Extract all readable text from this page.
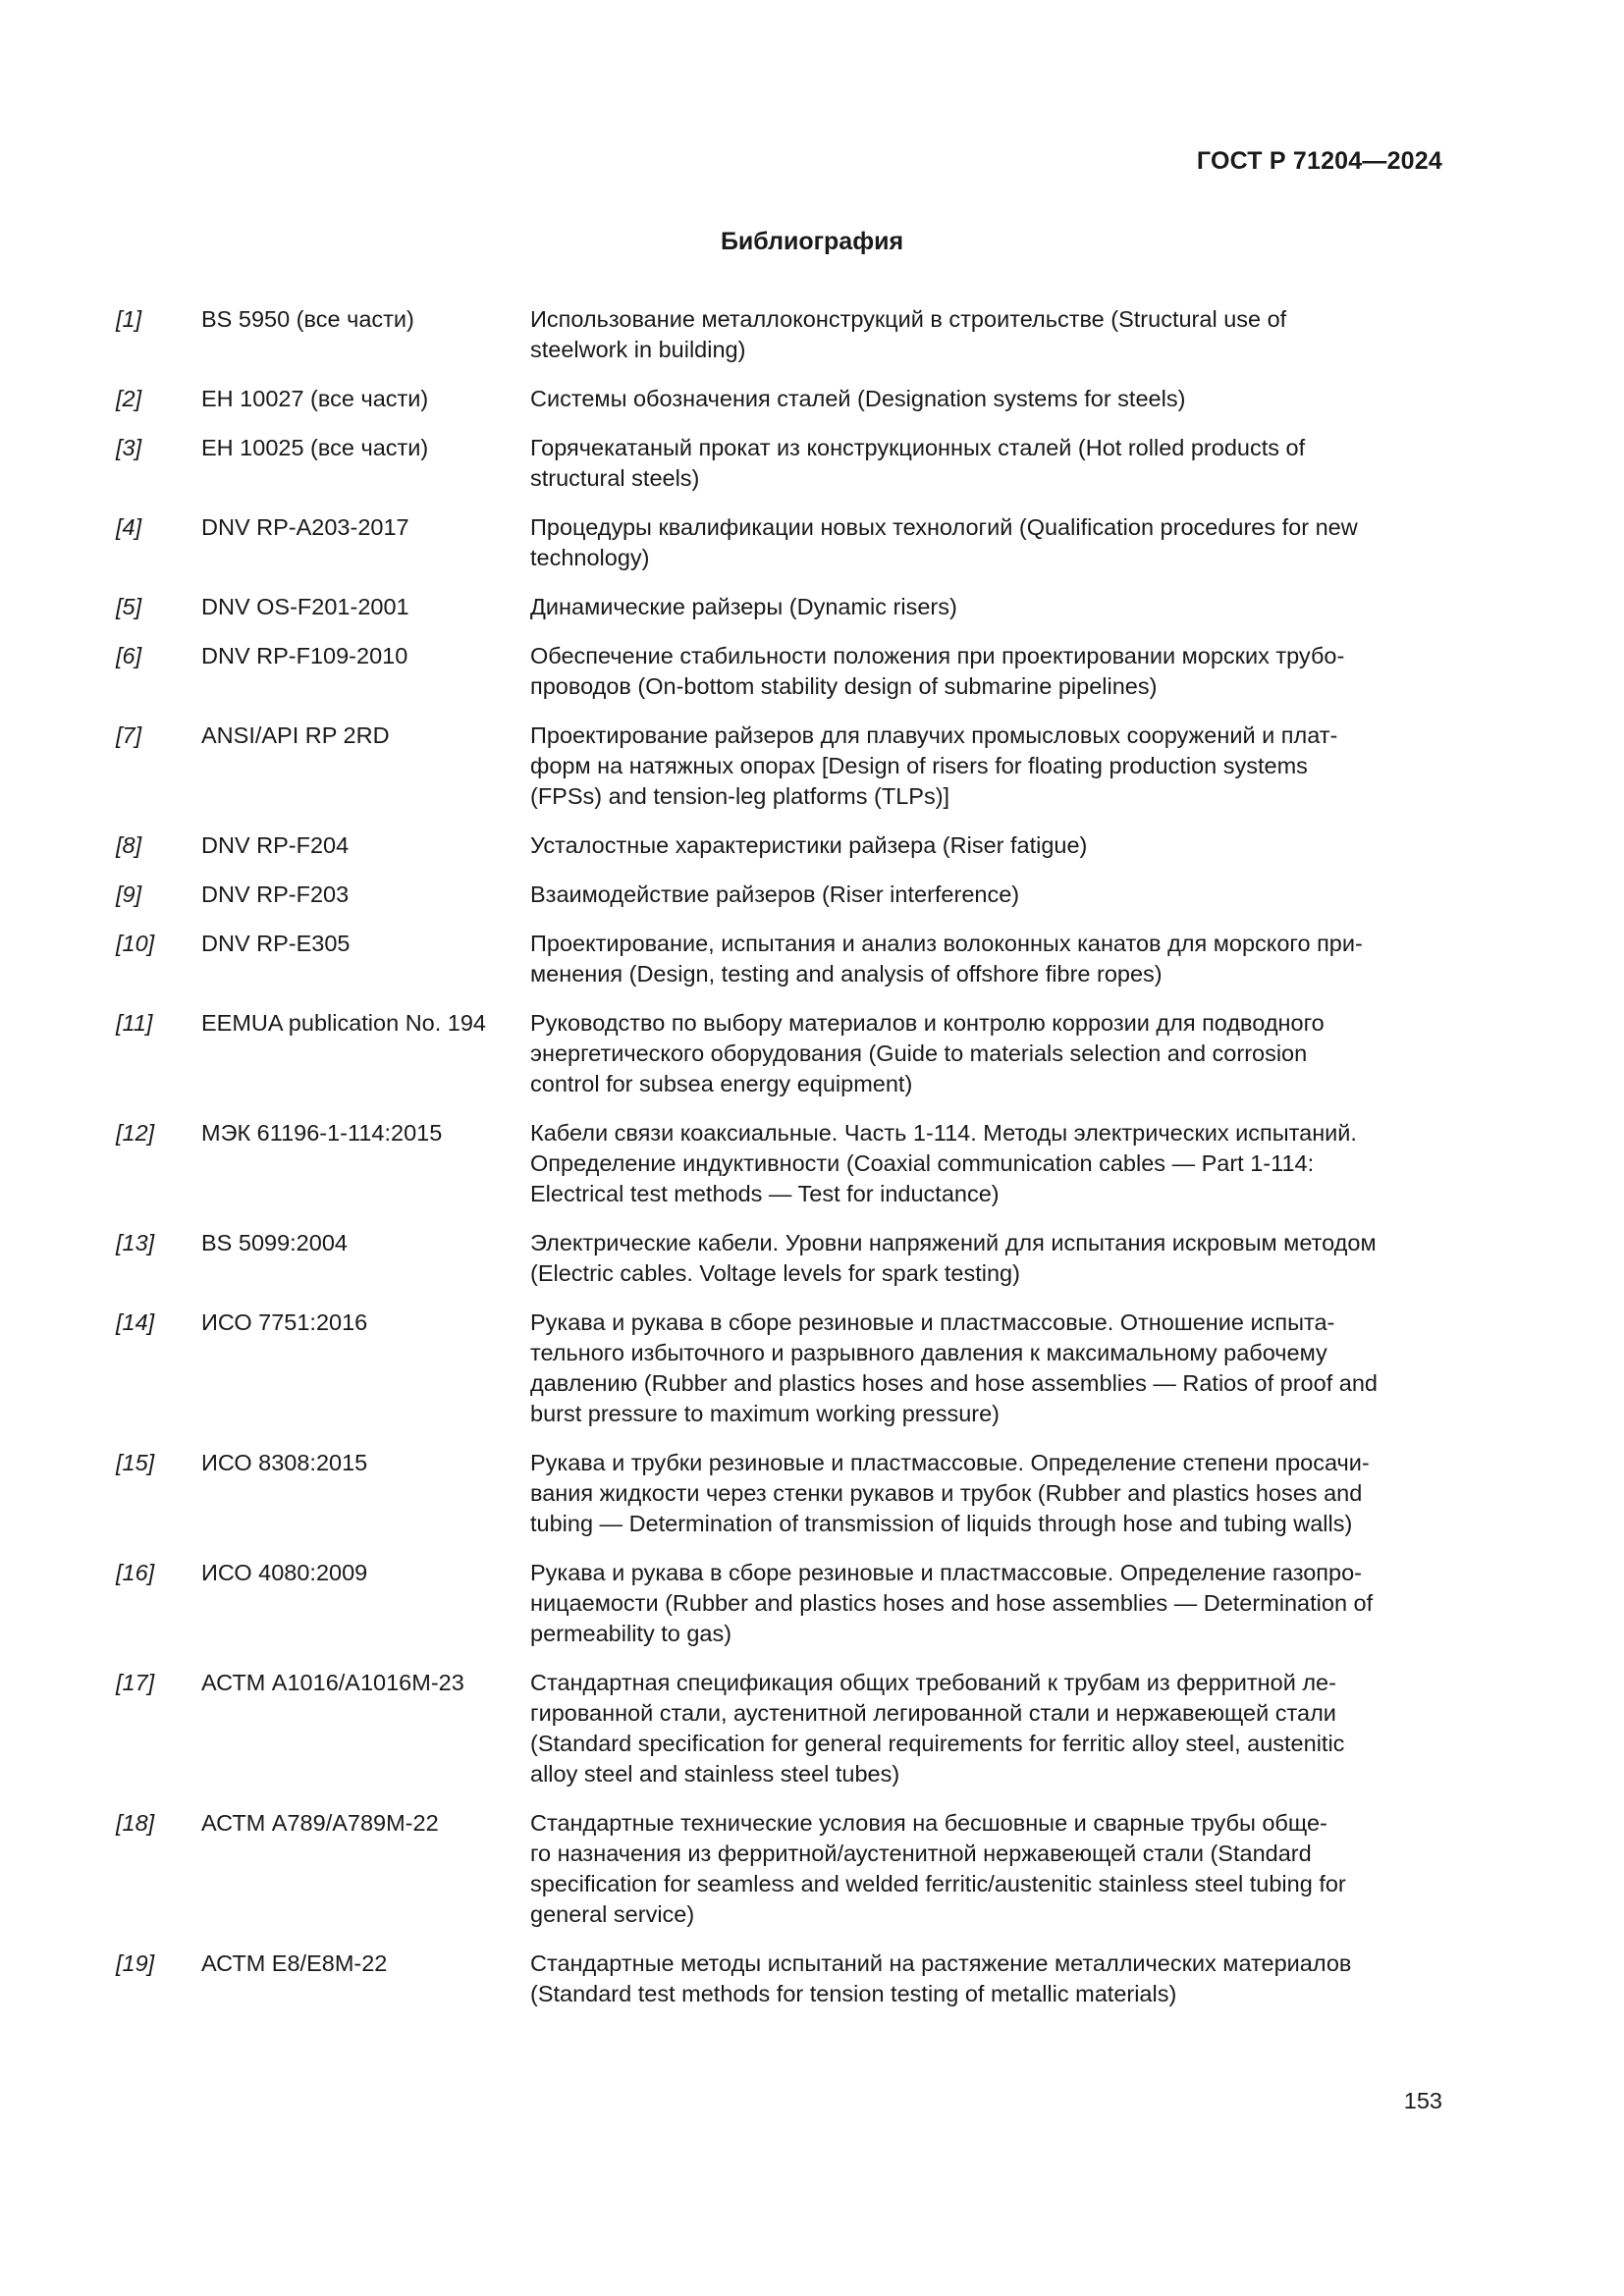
ГОСТ Р 71204—2024
Библиография
[1]	BS 5950 (все части)	Использование металлоконструкций в строительстве (Structural use of
steelwork in building)
[2]	ЕН 10027 (все части)	Системы обозначения сталей (Designation systems for steels)
[3]	ЕН 10025 (все части)	Горячекатаный прокат из конструкционных сталей (Hot rolled products of
structural steels)
[4]	DNV RP-A203-2017	Процедуры квалификации новых технологий (Qualification procedures for new
technology)
[5]	DNV OS-F201-2001	Динамические райзеры (Dynamic risers)
[6]	DNV RP-F109-2010	Обеспечение стабильности положения при проектировании морских трубо-
проводов (On-bottom stability design of submarine pipelines)
[7]	ANSI/API RP 2RD	Проектирование райзеров для плавучих промысловых сооружений и плат-
форм на натяжных опорах [Design of risers for floating production systems
(FPSs) and tension-leg platforms (TLPs)]
[8]	DNV RP-F204	Усталостные характеристики райзера (Riser fatigue)
[9]	DNV RP-F203	Взаимодействие райзеров (Riser interference)
[10]	DNV RP-E305	Проектирование, испытания и анализ волоконных канатов для морского при-
менения (Design, testing and analysis of offshore fibre ropes)
[11]	EEMUA publication No. 194	Руководство по выбору материалов и контролю коррозии для подводного
энергетического оборудования (Guide to materials selection and corrosion
control for subsea energy equipment)
[12]	МЭК 61196-1-114:2015	Кабели связи коаксиальные. Часть 1-114. Методы электрических испытаний.
Определение индуктивности (Coaxial communication cables — Part 1-114:
Electrical test methods — Test for inductance)
[13]	BS 5099:2004	Электрические кабели. Уровни напряжений для испытания искровым методом
(Electric cables. Voltage levels for spark testing)
[14]	ИСО 7751:2016	Рукава и рукава в сборе резиновые и пластмассовые. Отношение испыта-
тельного избыточного и разрывного давления к максимальному рабочему
давлению (Rubber and plastics hoses and hose assemblies — Ratios of proof and
burst pressure to maximum working pressure)
[15]	ИСО 8308:2015	Рукава и трубки резиновые и пластмассовые. Определение степени просачи-
вания жидкости через стенки рукавов и трубок (Rubber and plastics hoses and
tubing — Determination of transmission of liquids through hose and tubing walls)
[16]	ИСО 4080:2009	Рукава и рукава в сборе резиновые и пластмассовые. Определение газопро-
ницаемости (Rubber and plastics hoses and hose assemblies — Determination of
permeability to gas)
[17]	АСТМ A1016/A1016M-23	Стандартная спецификация общих требований к трубам из ферритной ле-
гированной стали, аустенитной легированной стали и нержавеющей стали
(Standard specification for general requirements for ferritic alloy steel, austenitic
alloy steel and stainless steel tubes)
[18]	АСТМ A789/A789M-22	Стандартные технические условия на бесшовные и сварные трубы обще-
го назначения из ферритной/аустенитной нержавеющей стали (Standard
specification for seamless and welded ferritic/austenitic stainless steel tubing for
general service)
[19]	АСТМ E8/E8M-22	Стандартные методы испытаний на растяжение металлических материалов
(Standard test methods for tension testing of metallic materials)
153
